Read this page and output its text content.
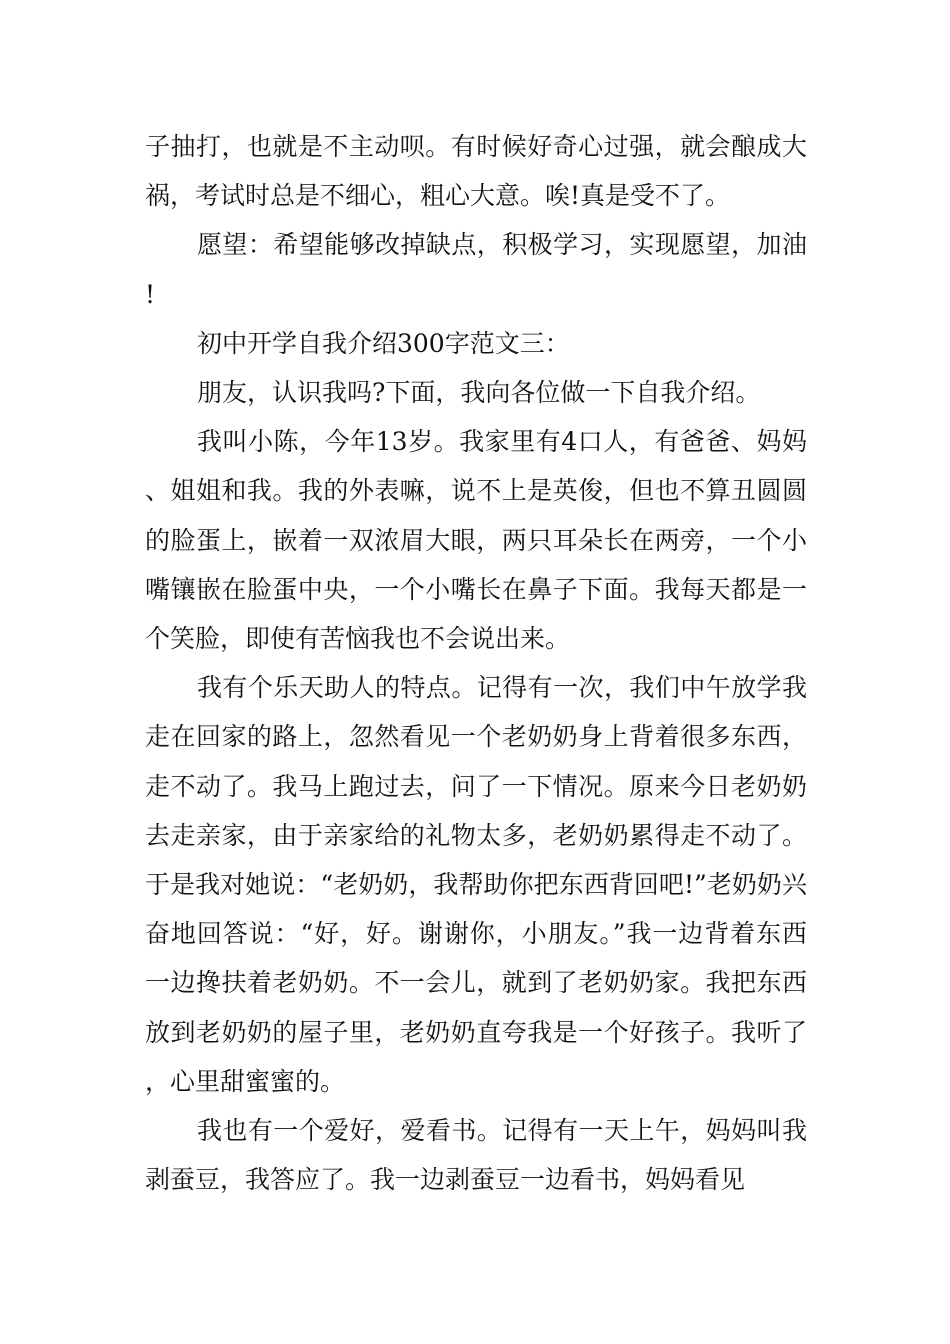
子抽打，也就是不主动呗。有时候好奇心过强，就会酿成大祸，考试时总是不细心，粗心大意。唉!真是受不了。

愿望：希望能够改掉缺点，积极学习，实现愿望，加油!

初中开学自我介绍300字范文三：

朋友，认识我吗?下面，我向各位做一下自我介绍。

我叫小陈，今年13岁。我家里有4口人，有爸爸、妈妈、姐姐和我。我的外表嘛，说不上是英俊，但也不算丑圆圆的脸蛋上，嵌着一双浓眉大眼，两只耳朵长在两旁，一个小嘴镶嵌在脸蛋中央，一个小嘴长在鼻子下面。我每天都是一个笑脸，即使有苦恼我也不会说出来。

我有个乐天助人的特点。记得有一次，我们中午放学我走在回家的路上，忽然看见一个老奶奶身上背着很多东西，走不动了。我马上跑过去，问了一下情况。原来今日老奶奶去走亲家，由于亲家给的礼物太多，老奶奶累得走不动了。于是我对她说：“老奶奶，我帮助你把东西背回吧!”老奶奶兴奋地回答说：“好，好。谢谢你，小朋友。”我一边背着东西一边搀扶着老奶奶。不一会儿，就到了老奶奶家。我把东西放到老奶奶的屋子里，老奶奶直夸我是一个好孩子。我听了，心里甜蜜蜜的。

我也有一个爱好，爱看书。记得有一天上午，妈妈叫我剥蚕豆，我答应了。我一边剥蚕豆一边看书，妈妈看见
